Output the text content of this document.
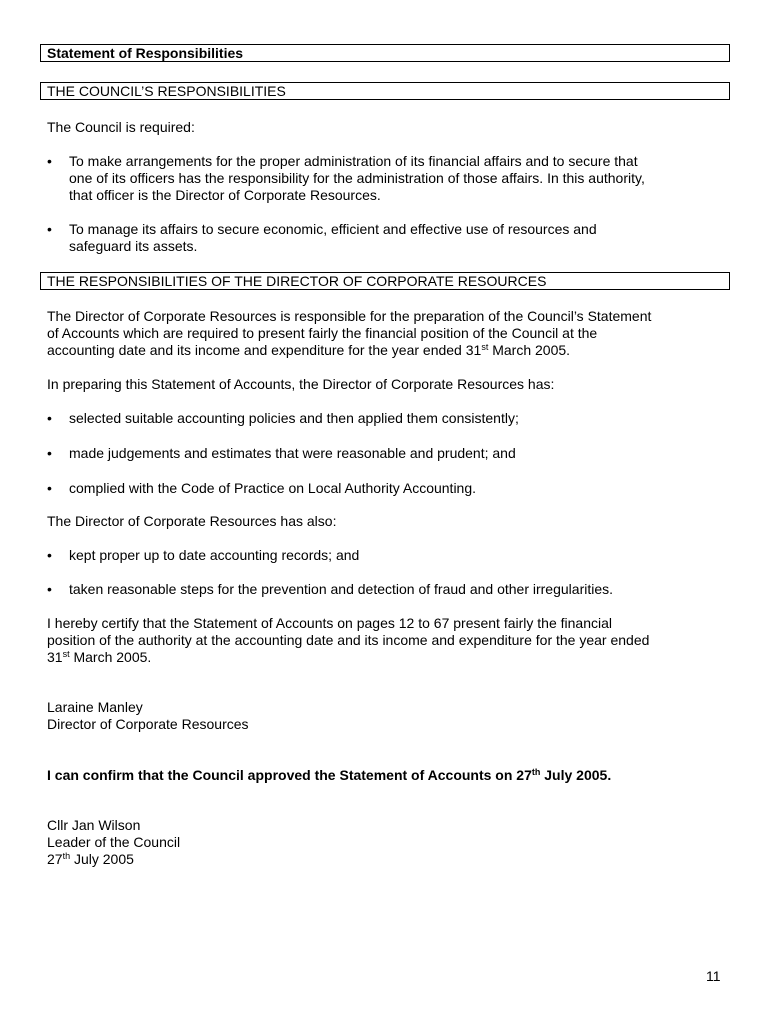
Statement of Responsibilities
THE COUNCIL’S RESPONSIBILITIES

The Council is required:

•	To make arrangements for the proper administration of its financial affairs and to secure that
one of its officers has the responsibility for the administration of those affairs. In this authority,
that officer is the Director of Corporate Resources.
•	To manage its affairs to secure economic, efficient and effective use of resources and
safeguard its assets.
THE RESPONSIBILITIES OF THE DIRECTOR OF CORPORATE RESOURCES
The Director of Corporate Resources is responsible for the preparation of the Council’s Statement
of Accounts which are required to present fairly the financial position of the Council at the
accounting date and its income and expenditure for the year ended 31st March 2005.

In preparing this Statement of Accounts, the Director of Corporate Resources has:

•	selected suitable accounting policies and then applied them consistently;
•	made judgements and estimates that were reasonable and prudent; and
•	complied with the Code of Practice on Local Authority Accounting.

The Director of Corporate Resources has also:

•	kept proper up to date accounting records; and
•	taken reasonable steps for the prevention and detection of fraud and other irregularities.
I hereby certify that the Statement of Accounts on pages 12 to 67 present fairly the financial
position of the authority at the accounting date and its income and expenditure for the year ended
31st March 2005.
Laraine Manley
Director of Corporate Resources
I can confirm that the Council approved the Statement of Accounts on 27th July 2005.
Cllr Jan Wilson
Leader of the Council
27th July 2005
11
